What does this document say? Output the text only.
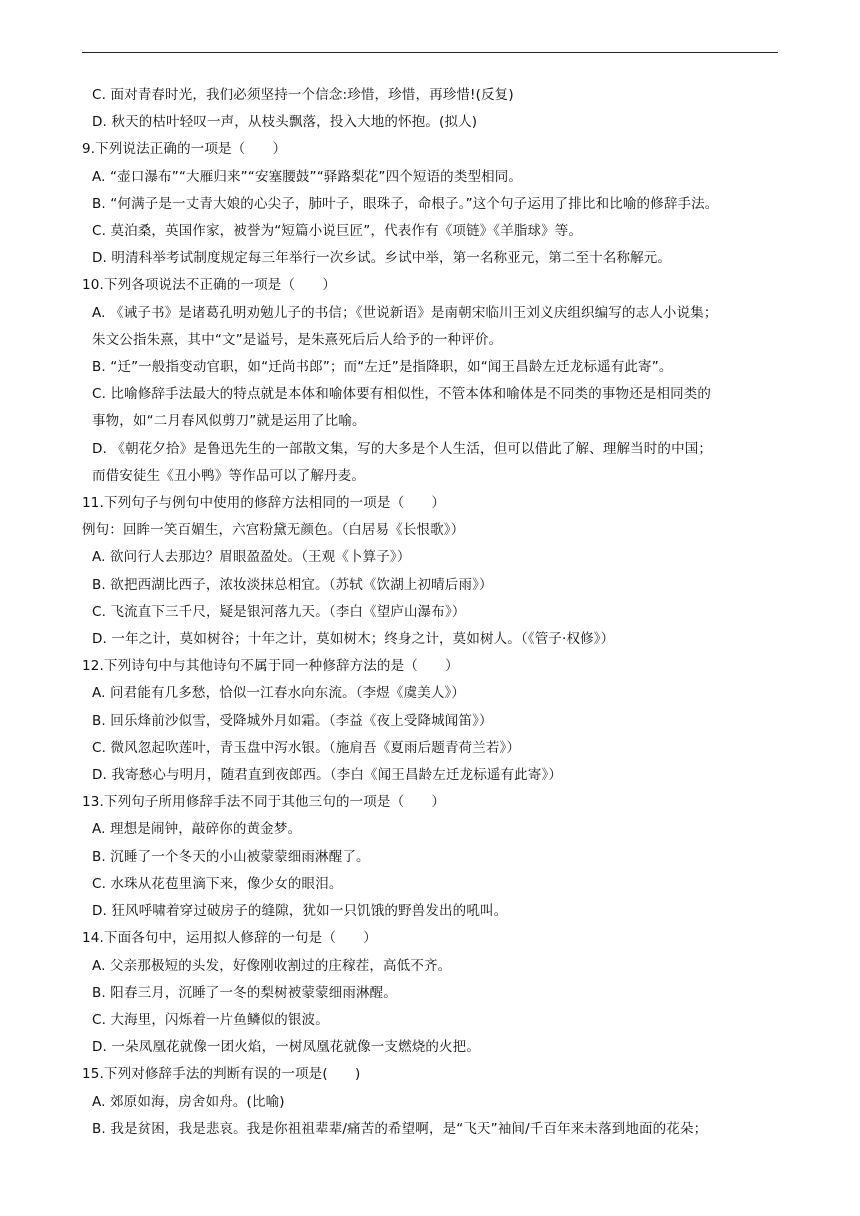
C. 面对青春时光，我们必须坚持一个信念:珍惜，珍惜，再珍惜!(反复)
D. 秋天的枯叶轻叹一声，从枝头飘落，投入大地的怀抱。(拟人)
9.下列说法正确的一项是（　　）
A. “壶口瀑布”“大雁归来”“安塞腰鼓”“驿路梨花”四个短语的类型相同。
B. “何满子是一丈青大娘的心尖子，肺叶子，眼珠子，命根子。”这个句子运用了排比和比喻的修辞手法。
C. 莫泊桑，英国作家，被誉为“短篇小说巨匠”，代表作有《项链》《羊脂球》等。
D. 明清科举考试制度规定每三年举行一次乡试。乡试中举，第一名称亚元，第二至十名称解元。
10.下列各项说法不正确的一项是（　　）
A. 《诫子书》是诸葛孔明劝勉儿子的书信；《世说新语》是南朝宋临川王刘义庆组织编写的志人小说集；
朱文公指朱熹，其中“文”是谥号，是朱熹死后后人给予的一种评价。
B. “迁”一般指变动官职，如“迁尚书郎”；而“左迁”是指降职，如“闻王昌龄左迁龙标遥有此寄”。
C. 比喻修辞手法最大的特点就是本体和喻体要有相似性，不管本体和喻体是不同类的事物还是相同类的
事物，如“二月春风似剪刀”就是运用了比喻。
D. 《朝花夕拾》是鲁迅先生的一部散文集，写的大多是个人生活，但可以借此了解、理解当时的中国；
而借安徒生《丑小鸭》等作品可以了解丹麦。
11.下列句子与例句中使用的修辞方法相同的一项是（　　）
例句：回眸一笑百媚生，六宫粉黛无颜色。（白居易《长恨歌》）
A. 欲问行人去那边？眉眼盈盈处。（王观《卜算子》）
B. 欲把西湖比西子，浓妆淡抹总相宜。（苏轼《饮湖上初晴后雨》）
C. 飞流直下三千尺，疑是银河落九天。（李白《望庐山瀑布》）
D. 一年之计，莫如树谷；十年之计，莫如树木；终身之计，莫如树人。（《管子·权修》）
12.下列诗句中与其他诗句不属于同一种修辞方法的是（　　）
A. 问君能有几多愁，恰似一江春水向东流。（李煜《虞美人》）
B. 回乐烽前沙似雪，受降城外月如霜。（李益《夜上受降城闻笛》）
C. 微风忽起吹莲叶，青玉盘中泻水银。（施肩吾《夏雨后题青荷兰若》）
D. 我寄愁心与明月，随君直到夜郎西。（李白《闻王昌龄左迁龙标遥有此寄》）
13.下列句子所用修辞手法不同于其他三句的一项是（　　）
A. 理想是闹钟，敲碎你的黄金梦。
B. 沉睡了一个冬天的小山被蒙蒙细雨淋醒了。
C. 水珠从花苞里滴下来，像少女的眼泪。
D. 狂风呼啸着穿过破房子的缝隙，犹如一只饥饿的野兽发出的吼叫。
14.下面各句中，运用拟人修辞的一句是（　　）
A. 父亲那极短的头发，好像刚收割过的庄稼茬，高低不齐。
B. 阳春三月，沉睡了一冬的梨树被蒙蒙细雨淋醒。
C. 大海里，闪烁着一片鱼鳞似的银波。
D. 一朵凤凰花就像一团火焰，一树凤凰花就像一支燃烧的火把。
15.下列对修辞手法的判断有误的一项是(　　)
A. 郊原如海，房舍如舟。(比喻)
B. 我是贫困，我是悲哀。我是你祖祖辈辈/痛苦的希望啊，是“飞天”袖间/千百年来未落到地面的花朵；
